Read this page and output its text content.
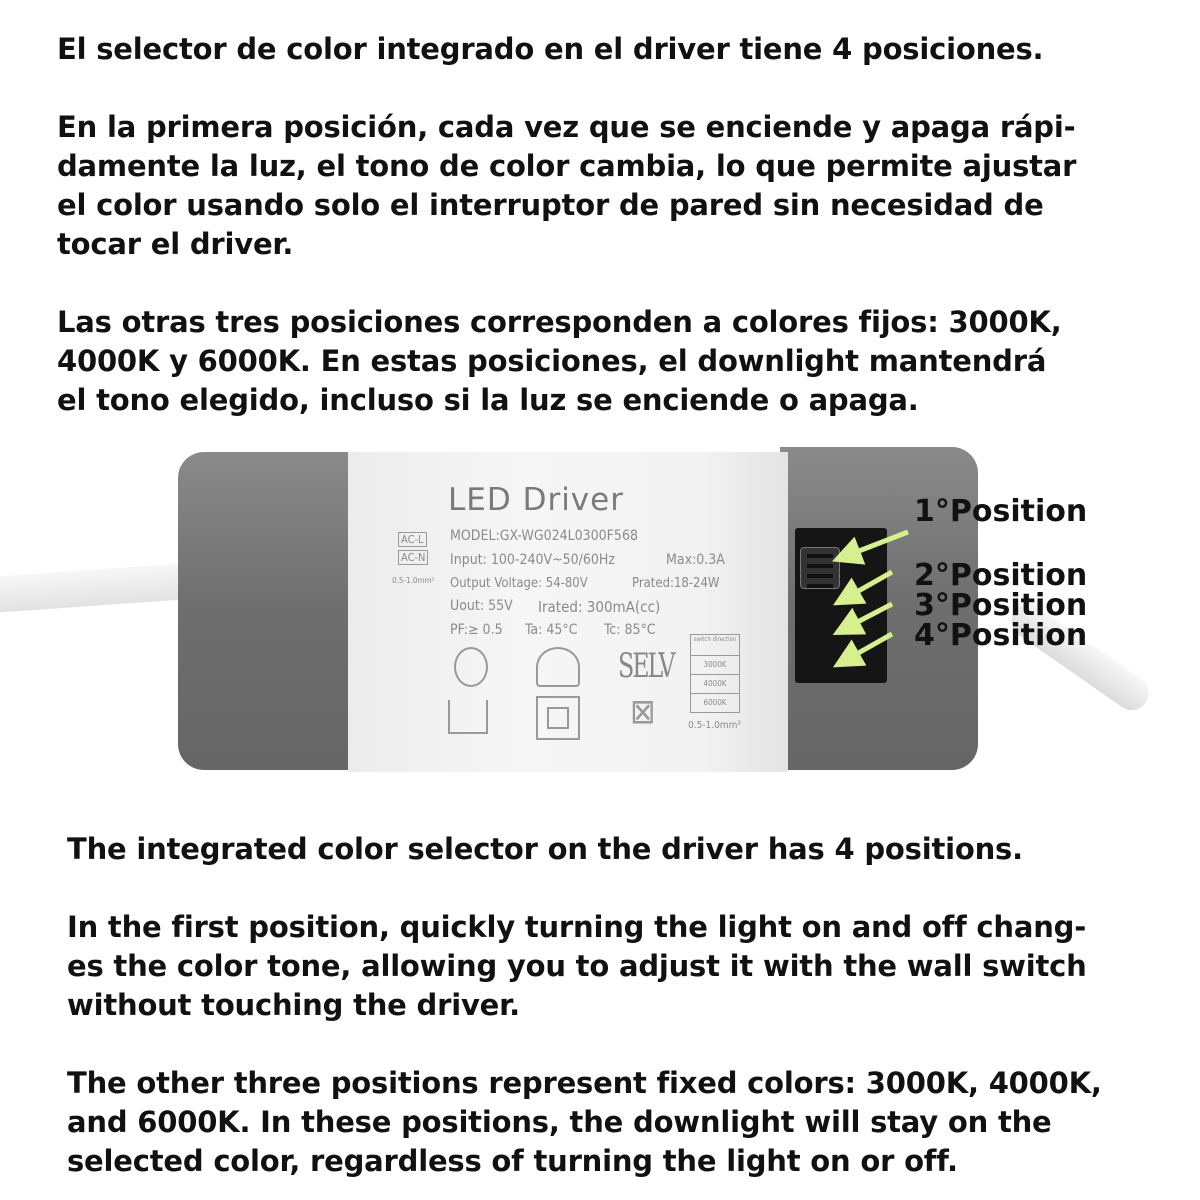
El selector de color integrado en el driver tiene 4 posiciones.
En la primera posición, cada vez que se enciende y apaga rápi-
damente la luz, el tono de color cambia, lo que permite ajustar
el color usando solo el interruptor de pared sin necesidad de
tocar el driver.
Las otras tres posiciones corresponden a colores fijos: 3000K,
4000K y 6000K. En estas posiciones, el downlight mantendrá
el tono elegido, incluso si la luz se enciende o apaga.
LED Driver
AC-L
AC-N
0.5-1.0mm²
MODEL:GX-WG024L0300F568
Input: 100-240V~50/60Hz	Max:0.3A
Output Voltage: 54-80V	Prated:18-24W
Uout: 55V Irated: 300mA(cc)
PF:≥ 0.5 Ta: 45°C Tc: 85°C
SELV
⊠
switch direction
3000K
4000K
6000K
0.5-1.0mm²
1°Position
2°Position
3°Position
4°Position
The integrated color selector on the driver has 4 positions.
In the first position, quickly turning the light on and off chang-
es the color tone, allowing you to adjust it with the wall switch
without touching the driver.
The other three positions represent fixed colors: 3000K, 4000K,
and 6000K. In these positions, the downlight will stay on the
selected color, regardless of turning the light on or off.
